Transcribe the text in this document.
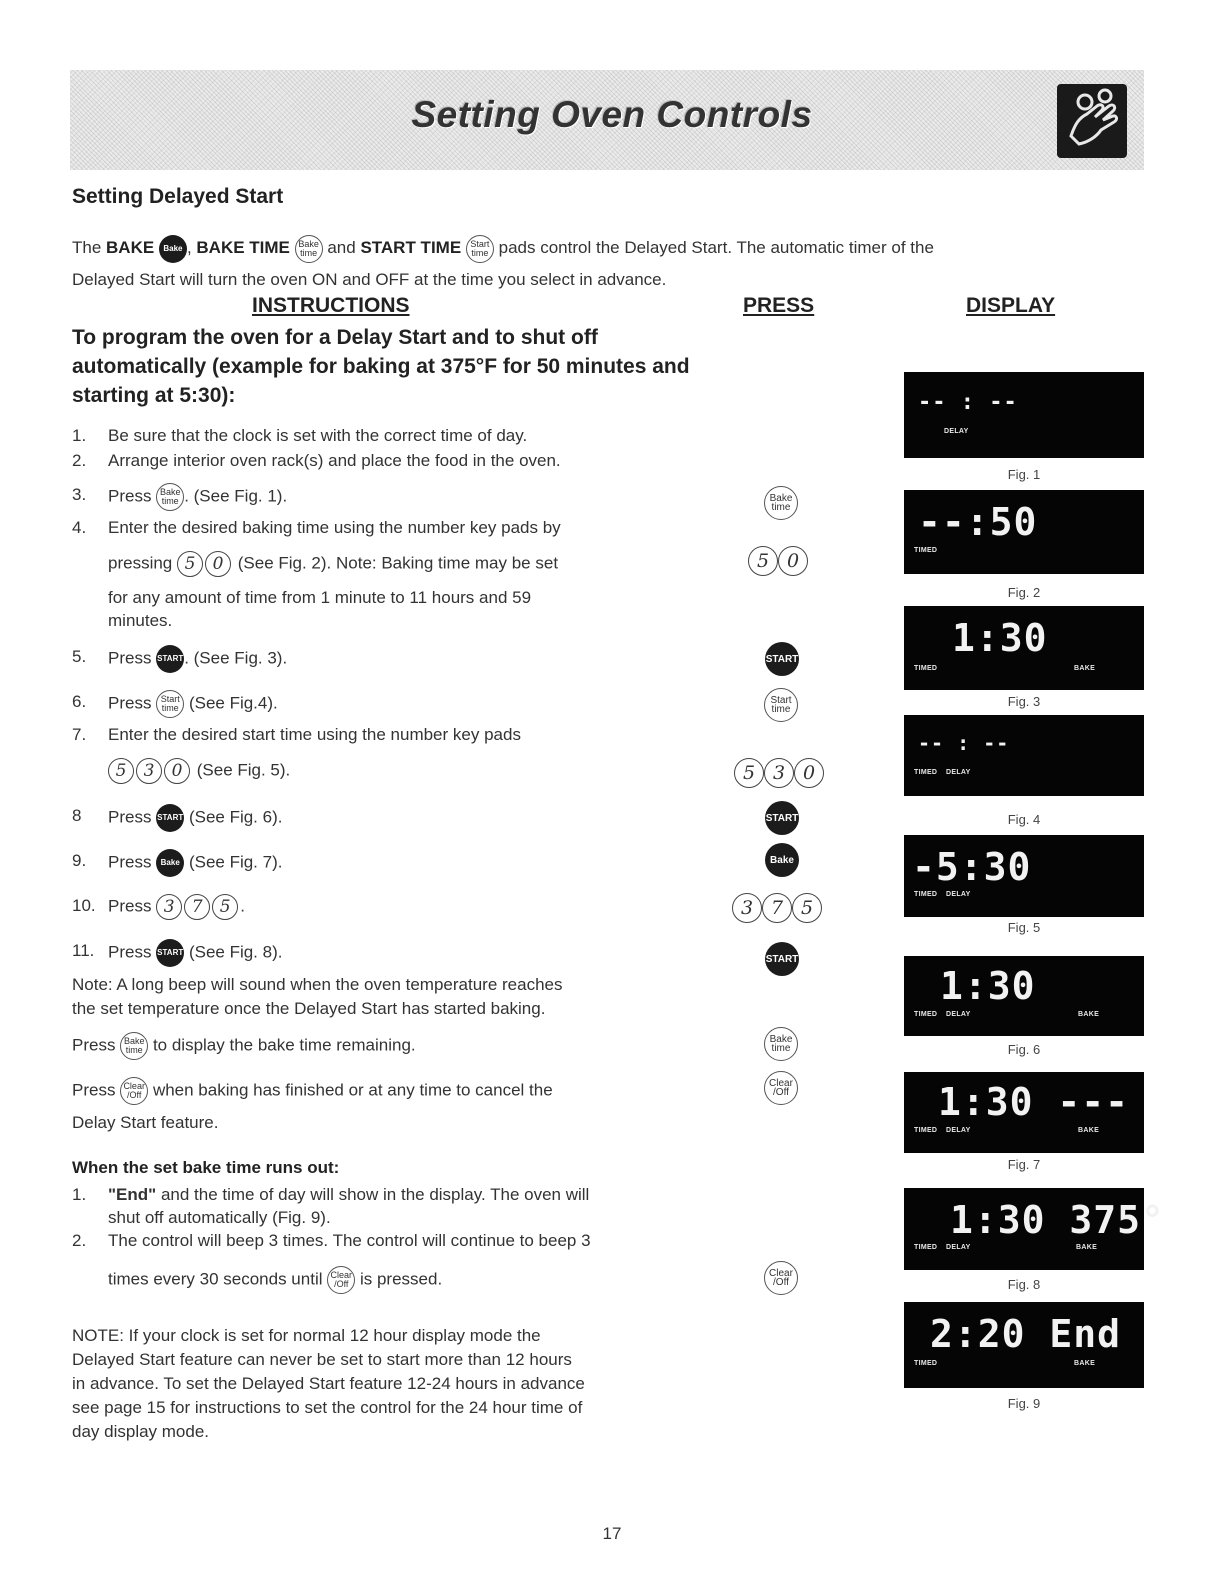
Setting Oven Controls
Setting Delayed Start
The BAKE Bake , BAKE TIME Bake
time and START TIME Start
time pads control the Delayed Start. The automatic timer of the
Delayed Start will turn the oven ON and OFF at the time you select in advance.
INSTRUCTIONS	PRESS	DISPLAY
To program the oven for a Delay Start and to shut off automatically (example for baking at 375°F for 50 minutes and starting at 5:30):
1. Be sure that the clock is set with the correct time of day.
2. Arrange interior oven rack(s) and place the food in the oven.
3. Press Bake
time . (See Fig. 1).
4. Enter the desired baking time using the number key pads by
pressing 5 0 (See Fig. 2). Note: Baking time may be set
for any amount of time from 1 minute to 11 hours and 59
minutes.
5. Press START . (See Fig. 3).
6. Press Start
time (See Fig.4).
7. Enter the desired start time using the number key pads
5 3 0 (See Fig. 5).
8 Press START (See Fig. 6).
9. Press Bake (See Fig. 7).
10. Press 3 7 5 .
11. Press START (See Fig. 8).
Note: A long beep will sound when the oven temperature reaches
the set temperature once the Delayed Start has started baking.
Press Bake
time to display the bake time remaining.
Press Clear
/Off when baking has finished or at any time to cancel the
Delay Start feature.
When the set bake time runs out:
1. "End" and the time of day will show in the display. The oven will
shut off automatically (Fig. 9).
2. The control will beep 3 times. The control will continue to beep 3
times every 30 seconds until Clear
/Off is pressed.
NOTE: If your clock is set for normal 12 hour display mode the
Delayed Start feature can never be set to start more than 12 hours
in advance. To set the Delayed Start feature 12-24 hours in advance
see page 15 for instructions to set the control for the 24 hour time of
day display mode.
Bake
time
5 0
START
Start
time
5 3 0
START
Bake
3 7 5
START
Bake
time
Clear
/Off
Clear
/Off
-- : --
DELAY
Fig. 1
--:50
TIMED
Fig. 2
1:30
TIMED	BAKE
Fig. 3
-- : --
TIMED DELAY
Fig. 4
-5:30
TIMED DELAY
Fig. 5
1:30
TIMED DELAY	BAKE
Fig. 6
1:30 ---
TIMED DELAY	BAKE
Fig. 7
1:30 375°
TIMED DELAY	BAKE
Fig. 8
2:20 End
TIMED	BAKE
Fig. 9
17
